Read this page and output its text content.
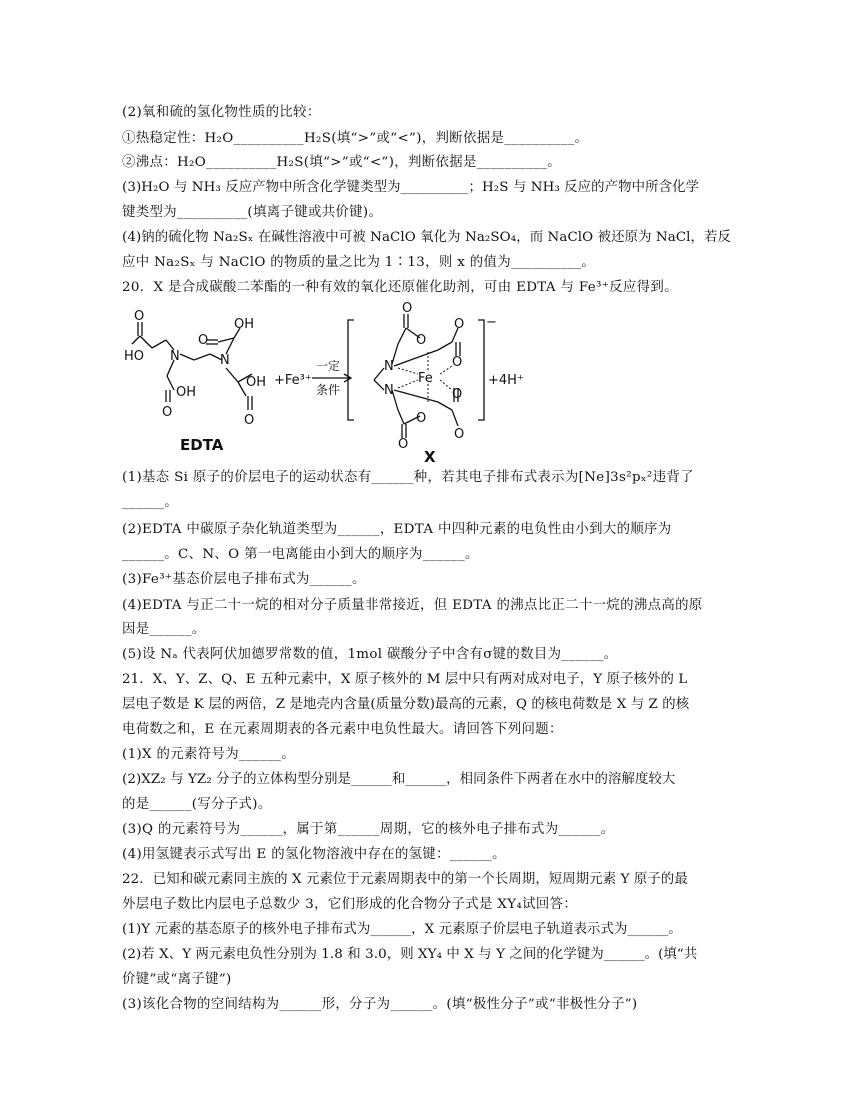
(2)氧和硫的氢化物性质的比较：
①热稳定性：H₂O__________H₂S(填“>”或“<”)，判断依据是__________。
②沸点：H₂O__________H₂S(填“>”或“<”)，判断依据是__________。
(3)H₂O 与 NH₃ 反应产物中所含化学键类型为__________；H₂S 与 NH₃ 反应的产物中所含化学
键类型为__________(填离子键或共价键)。
(4)钠的硫化物 Na₂Sₓ 在碱性溶液中可被 NaClO 氧化为 Na₂SO₄，而 NaClO 被还原为 NaCl，若反
应中 Na₂Sₓ 与 NaClO 的物质的量之比为 1∶13，则 x 的值为__________。
20．X 是合成碳酸二苯酯的一种有效的氧化还原催化助剂，可由 EDTA 与 Fe³⁺反应得到。
O
HO N
O
OH
N
O
OH
OH
O
EDTA
+Fe³⁺
一定
条件
O
O
O
N
N
Fe
O
O
O
O
O
−
+4H⁺
X
(1)基态 Si 原子的价层电子的运动状态有______种，若其电子排布式表示为[Ne]3s²pₓ²违背了
______。
(2)EDTA 中碳原子杂化轨道类型为______，EDTA 中四种元素的电负性由小到大的顺序为
______。C、N、O 第一电离能由小到大的顺序为______。
(3)Fe³⁺基态价层电子排布式为______。
(4)EDTA 与正二十一烷的相对分子质量非常接近，但 EDTA 的沸点比正二十一烷的沸点高的原
因是______。
(5)设 Nₐ 代表阿伏加德罗常数的值，1mol 碳酸分子中含有σ键的数目为______。
21．X、Y、Z、Q、E 五种元素中，X 原子核外的 M 层中只有两对成对电子，Y 原子核外的 L
层电子数是 K 层的两倍，Z 是地壳内含量(质量分数)最高的元素，Q 的核电荷数是 X 与 Z 的核
电荷数之和，E 在元素周期表的各元素中电负性最大。请回答下列问题：
(1)X 的元素符号为______。
(2)XZ₂ 与 YZ₂ 分子的立体构型分别是______和______，相同条件下两者在水中的溶解度较大
的是______(写分子式)。
(3)Q 的元素符号为______，属于第______周期，它的核外电子排布式为______。
(4)用氢键表示式写出 E 的氢化物溶液中存在的氢键：______。
22．已知和碳元素同主族的 X 元素位于元素周期表中的第一个长周期，短周期元素 Y 原子的最
外层电子数比内层电子总数少 3，它们形成的化合物分子式是 XY₄试回答：
(1)Y 元素的基态原子的核外电子排布式为______，X 元素原子价层电子轨道表示式为______。
(2)若 X、Y 两元素电负性分别为 1.8 和 3.0，则 XY₄ 中 X 与 Y 之间的化学键为______。(填“共
价键”或“离子键”)
(3)该化合物的空间结构为______形，分子为______。(填“极性分子”或“非极性分子”)
